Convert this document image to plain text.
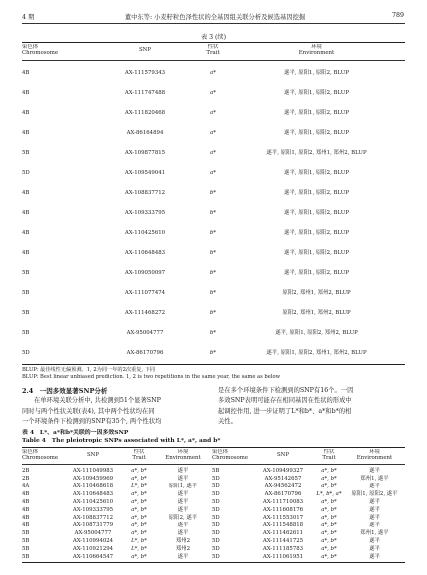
4 期	董中东等: 小麦籽粒色泽性状的全基因组关联分析及候选基因挖掘	789
表 3 (续)
染色体	SNP	性状	环境
Chromosome		Trait	Environment
4B	AX-111579343	a*	遂平, 原阳1, 原阳2, BLUP
4B	AX-111747488	a*	遂平, 原阳1, 原阳2, BLUP
4B	AX-111820468	a*	遂平, 原阳1, 原阳2, BLUP
4B	AX-86164894	a*	遂平, 原阳1, 原阳2, BLUP
5B	AX-109877815	a*	遂平, 原阳1, 原阳2, 郑州1, 郑州2, BLUP
5D	AX-109549041	a*	遂平, 原阳1, 原阳2, BLUP
4B	AX-108837712	b*	遂平, 原阳1, 原阳2, BLUP
4B	AX-109333795	b*	遂平, 原阳1, 原阳2, BLUP
4B	AX-110425610	b*	遂平, 原阳1, 原阳2, BLUP
4B	AX-110648483	b*	遂平, 原阳1, 原阳2, BLUP
5B	AX-109050097	b*	遂平, 原阳1, 原阳2, BLUP
5B	AX-111077474	b*	原阳2, 郑州1, 郑州2, BLUP
5B	AX-111468272	b*	原阳2, 郑州1, 郑州2, BLUP
5B	AX-95004777	b*	遂平, 原阳1, 原阳2, 郑州2, BLUP
5D	AX-86170796	b*	遂平, 原阳1, 原阳2, 郑州1, 郑州2, BLUP
BLUP: 最佳线性无偏预测。1, 2为同一年的2次重复, 下同
BLUP: Best linear unbiased prediction. 1, 2 is two repetitions in the same year, the same as below
2.4　一因多效显著SNP分析
在单环境关联分析中, 共检测到51个显著SNP
同时与两个性状关联(表4), 其中两个性状均在同
一个环境条件下检测到的SNP有35个, 两个性状均
是在多个环境条件下检测到的SNP有16个。一因
多效SNP表明可能存在相同基因在性状的形成中
起调控作用, 进一步证明了L*和b*、a*和b*的相
关性。
表 4　L*、a*和b*关联的一因多效SNP
Table 4　The pleiotropic SNPs associated with L*, a*, and b*
染色体	SNP	性状	环境	染色体	SNP	性状	环境
Chromosome		Trait	Environment	Chromosome		Trait	Environment
2B	AX-111049983	a*, b*	遂平	5B	AX-109499327	a*, b*	遂平
2B	AX-109459969	a*, b*	遂平	5D	AX-95142657	a*, b*	郑州1, 遂平
4A	AX-110468618	L*, b*	原阳1, 遂平	5D	AX-94562472	a*, b*	遂平
4B	AX-110648483	a*, b*	遂平	5D	AX-86170796	L*, b*, a*	原阳1, 原阳2, 遂平
4B	AX-110425610	a*, b*	遂平	5D	AX-111710083	a*, b*	遂平
4B	AX-109333795	a*, b*	遂平	5D	AX-111608176	a*, b*	遂平
4B	AX-108837712	a*, b*	原阳2, 遂平	5D	AX-111553017	a*, b*	遂平
4B	AX-108731779	a*, b*	遂平	5D	AX-111548818	a*, b*	遂平
5B	AX-95004777	a*, b*	遂平	5D	AX-111462611	a*, b*	郑州1, 遂平
5B	AX-110994024	L*, b*	郑州2	5D	AX-111441725	a*, b*	遂平
5B	AX-110921294	L*, b*	郑州2	5D	AX-111185783	a*, b*	遂平
5B	AX-110664547	a*, b*	遂平	5D	AX-111061951	a*, b*	遂平
